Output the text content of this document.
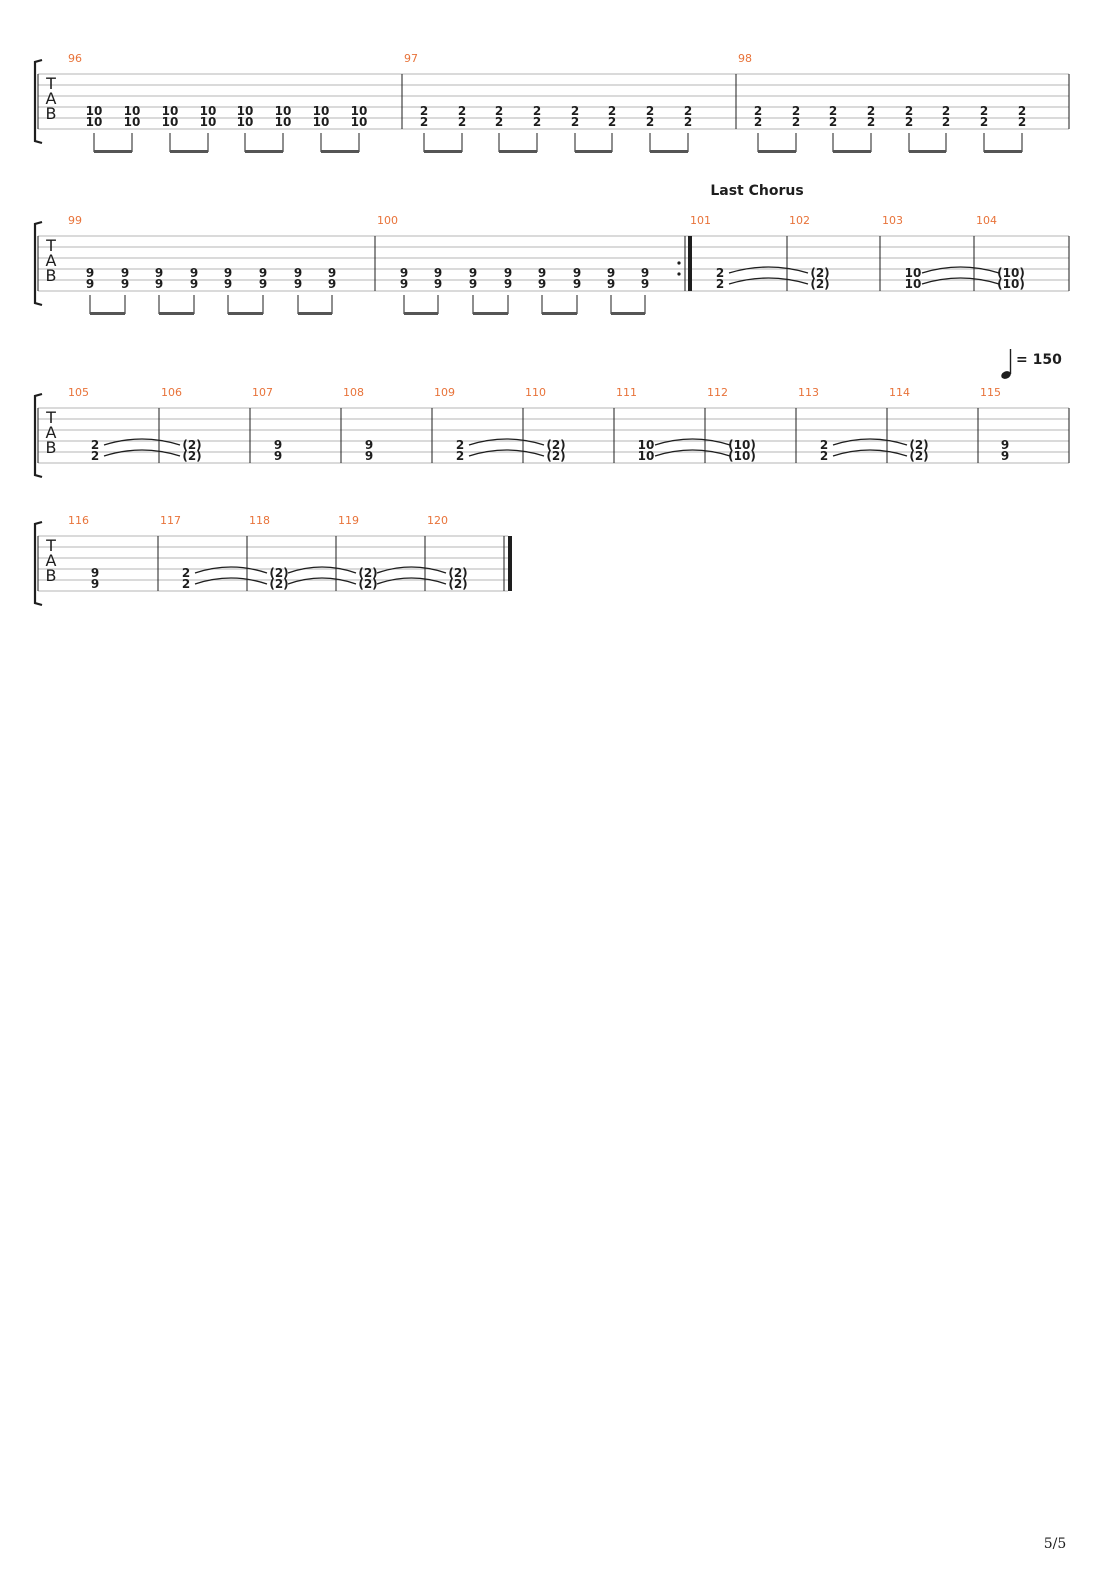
T
A
B
96
10
10
10
10
10
10
10
10
10
10
10
10
10
10
10
10
97
2
2
2
2
2
2
2
2
2
2
2
2
2
2
2
2
98
2
2
2
2
2
2
2
2
2
2
2
2
2
2
2
2
T
A
B
99
9
9
9
9
9
9
9
9
9
9
9
9
9
9
9
9
100
9
9
9
9
9
9
9
9
9
9
9
9
9
9
9
9
101
2
2
Last Chorus
102
(2)
(2)
103
10
10
104
(10)
(10)
T
A
B
105
2
2
106
(2)
(2)
107
9
9
108
9
9
109
2
2
110
(2)
(2)
111
10
10
112
(10)
(10)
113
2
2
114
(2)
(2)
115
9
9
= 150
T
A
B
116
9
9
117
2
2
118
(2)
(2)
119
(2)
(2)
120
(2)
(2)
5/5
